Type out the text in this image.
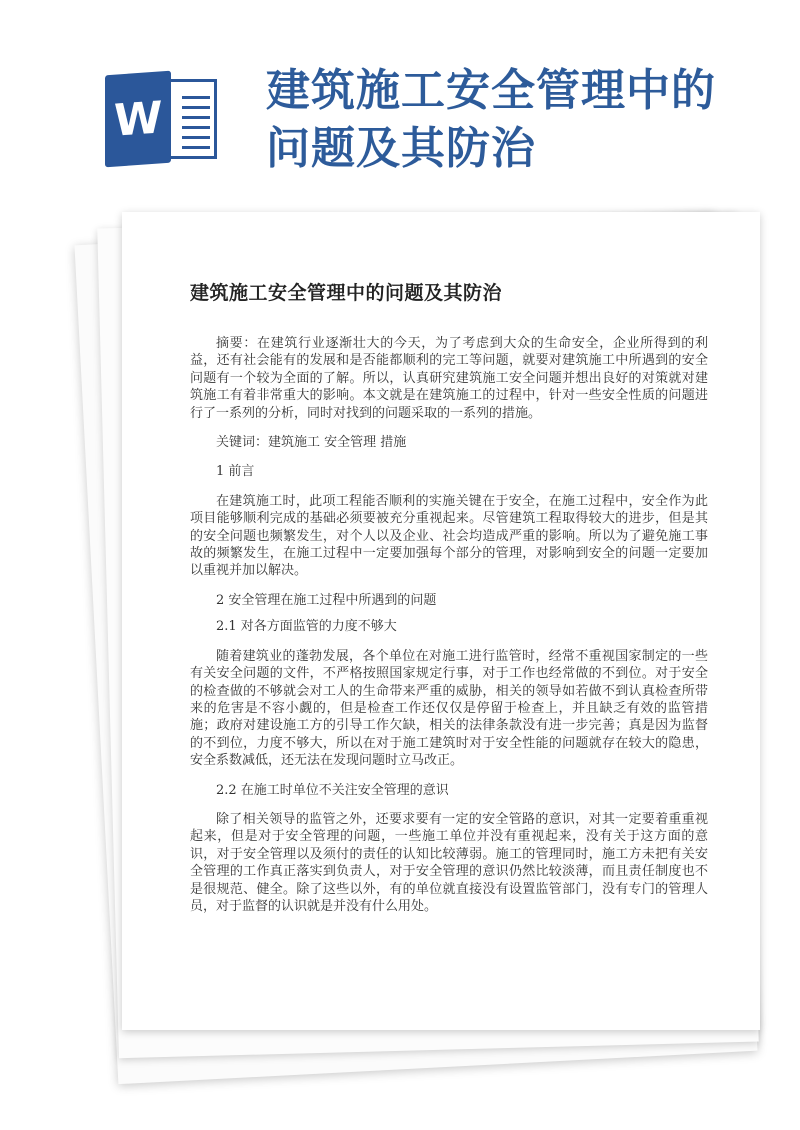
W
建筑施工安全管理中的
问题及其防治
建筑施工安全管理中的问题及其防治

摘要：在建筑行业逐渐壮大的今天，为了考虑到大众的生命安全，企业所得到的利益，还有社会能有的发展和是否能都顺利的完工等问题，就要对建筑施工中所遇到的安全问题有一个较为全面的了解。所以，认真研究建筑施工安全问题并想出良好的对策就对建筑施工有着非常重大的影响。本文就是在建筑施工的过程中，针对一些安全性质的问题进行了一系列的分析，同时对找到的问题采取的一系列的措施。

关键词：建筑施工 安全管理 措施

1 前言

在建筑施工时，此项工程能否顺利的实施关键在于安全，在施工过程中，安全作为此项目能够顺利完成的基础必须要被充分重视起来。尽管建筑工程取得较大的进步，但是其的安全问题也频繁发生，对个人以及企业、社会均造成严重的影响。所以为了避免施工事故的频繁发生，在施工过程中一定要加强每个部分的管理，对影响到安全的问题一定要加以重视并加以解决。

2 安全管理在施工过程中所遇到的问题

2.1 对各方面监管的力度不够大

随着建筑业的蓬勃发展，各个单位在对施工进行监管时，经常不重视国家制定的一些有关安全问题的文件，不严格按照国家规定行事，对于工作也经常做的不到位。对于安全的检查做的不够就会对工人的生命带来严重的威胁，相关的领导如若做不到认真检查所带来的危害是不容小觑的，但是检查工作还仅仅是停留于检查上，并且缺乏有效的监管措施；政府对建设施工方的引导工作欠缺，相关的法律条款没有进一步完善；真是因为监督的不到位，力度不够大，所以在对于施工建筑时对于安全性能的问题就存在较大的隐患，安全系数减低，还无法在发现问题时立马改正。

2.2 在施工时单位不关注安全管理的意识

除了相关领导的监管之外，还要求要有一定的安全管路的意识，对其一定要着重重视起来，但是对于安全管理的问题，一些施工单位并没有重视起来，没有关于这方面的意识，对于安全管理以及须付的责任的认知比较薄弱。施工的管理同时，施工方未把有关安全管理的工作真正落实到负责人，对于安全管理的意识仍然比较淡薄，而且责任制度也不是很规范、健全。除了这些以外，有的单位就直接没有设置监管部门，没有专门的管理人员，对于监督的认识就是并没有什么用处。
